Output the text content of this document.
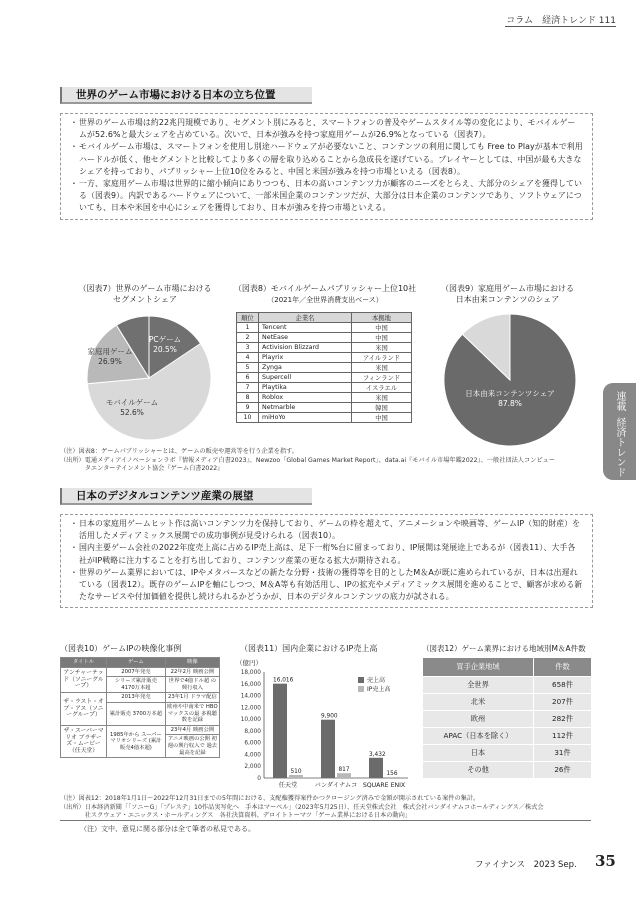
コラム　経済トレンド 111
連載
経済トレンド
世界のゲーム市場における日本の立ち位置
・ 世界のゲーム市場は約22兆円規模であり、セグメント別にみると、スマートフォンの普及やゲームスタイル等の変化により、モバイルゲームが52.6%と最大シェアを占めている。次いで、日本が強みを持つ家庭用ゲームが26.9%となっている（図表7）。
・ モバイルゲーム市場は、スマートフォンを使用し別途ハードウェアが必要ないこと、コンテンツの利用に関しても Free to Playが基本で利用ハードルが低く、他セグメントと比較してより多くの層を取り込めることから急成長を遂げている。プレイヤーとしては、中国が最も大きなシェアを持っており、パブリッシャー上位10位をみると、中国と米国が強みを持つ市場といえる（図表8）。
・ 一方、家庭用ゲーム市場は世界的に縮小傾向にありつつも、日本の高いコンテンツ力が顧客のニーズをとらえ、大部分のシェアを獲得している（図表9）。内訳であるハードウェアについて、一部米国企業のコンテンツだが、大部分は日本企業のコンテンツであり、ソフトウェアについても、日本や米国を中心にシェアを獲得しており、日本が強みを持つ市場といえる。
（図表7）世界のゲーム市場における
セグメントシェア
PCゲーム
20.5%
家庭用ゲーム
26.9%
モバイルゲーム
52.6%
（図表8）モバイルゲームパブリッシャー上位10社
（2021年／全世界消費支出ベース）
順位	企業名	本拠地
1	Tencent	中国
2	NetEase	中国
3	Activision Blizzard	米国
4	Playrix	アイルランド
5	Zynga	米国
6	Supercell	フィンランド
7	Playtika	イスラエル
8	Roblox	米国
9	Netmarble	韓国
10	miHoYo	中国
（図表9）家庭用ゲーム市場における
日本由来コンテンツのシェア
日本由来コンテンツシェア
87.8%
（注）図表8：ゲームパブリッシャーとは、ゲームの販売や運営等を行う企業を指す。
（出所）電通メディアイノベーションラボ『情報メディア白書2023』、Newzoo「Global Games Market Report」、data.ai『モバイル市場年鑑2022』、一般社団法人コンピュー
　　　　タエンターテインメント協会『ゲーム白書2022』
日本のデジタルコンテンツ産業の展望
・ 日本の家庭用ゲームヒット作は高いコンテンツ力を保持しており、ゲームの枠を超えて、アニメーションや映画等、ゲームIP（知的財産）を活用したメディアミックス展開での成功事例が見受けられる（図表10）。
・ 国内主要ゲーム会社の2022年度売上高に占めるIP売上高は、足下一桁%台に留まっており、IP展開は発展途上であるが（図表11）、大手各社がIP戦略に注力することを打ち出しており、コンテンツ産業の更なる拡大が期待される。
・ 世界のゲーム業界においては、IPやメタバースなどの新たな分野・技術の獲得等を目的としたM＆Aが既に進められているが、日本は出遅れている（図表12）。既存のゲームIPを軸にしつつ、M＆A等も有効活用し、IPの拡充やメディアミックス展開を進めることで、顧客が求める新たなサービスや付加価値を提供し続けられるかどうかが、日本のデジタルコンテンツの底力が試される。
（図表10）ゲームIPの映像化事例
タイトル	ゲーム	映像
アンチャーテッド（ソニーグループ）	2007年発売	22年2月 映画公開
	シリーズ累計販売 4170万本超	世界で4億ドル超 の興行収入
ザ・ラスト・オブ・アス（ソニーグループ）	2013年発売	23年1月 ドラマ配信
	累計販売 3700万本超	欧州や中南米で HBOマックスの最 多視聴数を記録
ザ・スーパーマリオ ブラザーズ・ムービー（任天堂）	1985年から スーパーマリオシリーズ (累計販売4億本超)	23年4月 映画公開
		アニメ映画の公開 初週の興行収入で 過去最高を記録
（図表11）国内企業におけるIP売上高
（億円）
0
2,000
4,000
6,000
8,000
10,000
12,000
14,000
16,000
18,000
16,016
510
任天堂
9,900
817
バンダイナムコ
3,432
156
SQUARE ENIX
売上高
IP売上高
（図表12）ゲーム業界における地域別M＆A件数
買手企業地域	件数
全世界	658件
北米	207件
欧州	282件
APAC（日本を除く）	112件
日本	31件
その他	26件
（注）図表12：2018年1月1日〜2022年12月31日までの5年間における、支配権獲得案件かつクロージング済みで金額が開示されている案件の集計。
（出所）日本経済新聞「「ソニーG」「プレステ」10作品実写化へ　手本はマーベル」（2023年5月25日）、任天堂株式会社　株式会社バンダイナムコホールディングス／株式会
　　　　社スクウェア・エニックス・ホールディングス　各社決算資料、デロイトトーマツ「ゲーム業界における日本の動向」
（注）文中、意見に関る部分は全て筆者の私見である。
ファイナンス　2023 Sep. 35
